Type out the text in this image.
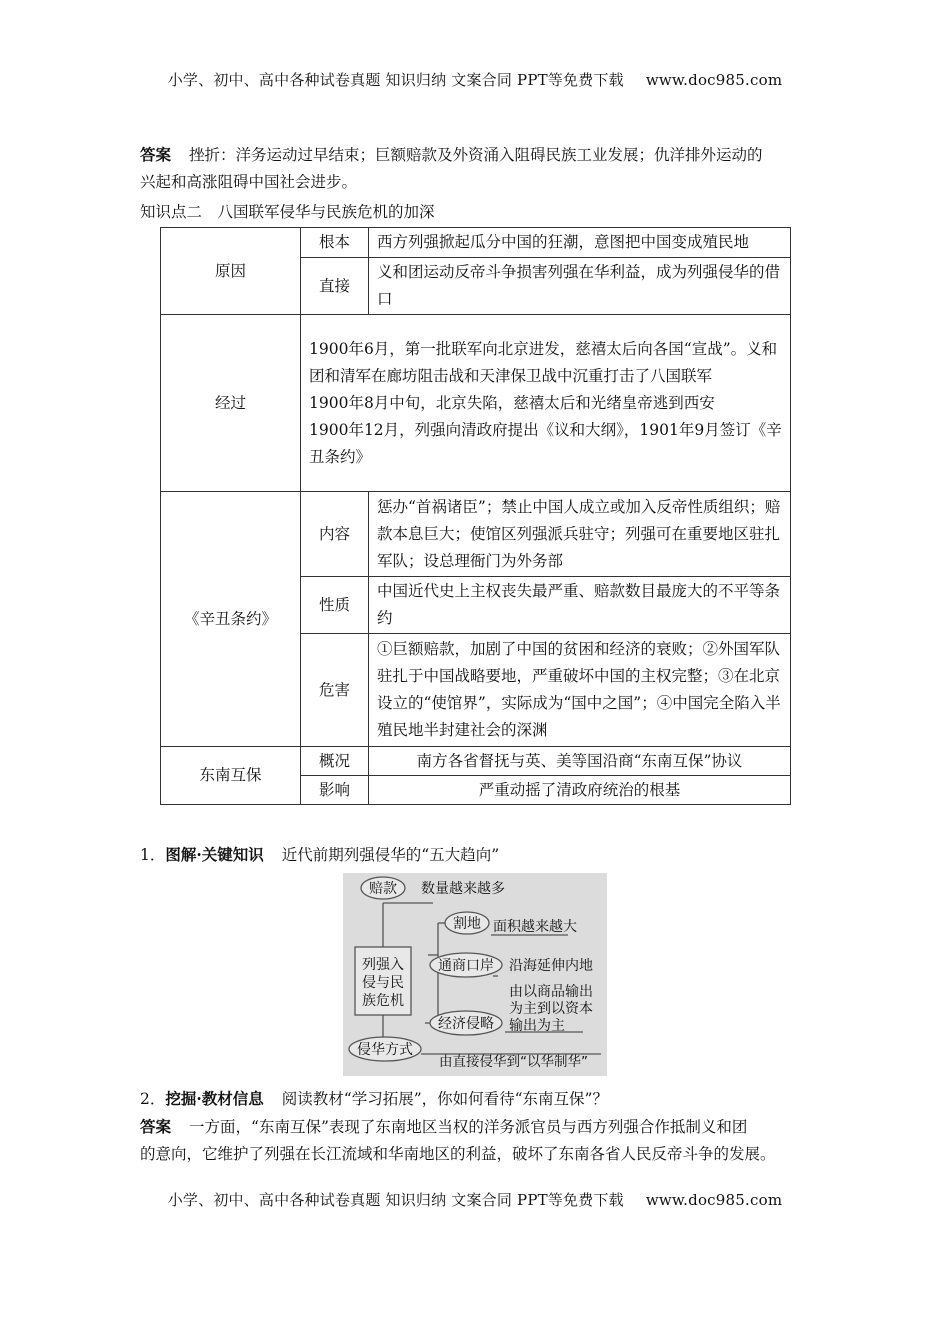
小学、初中、高中各种试卷真题 知识归纳 文案合同 PPT等免费下载 www.doc985.com
答案 挫折：洋务运动过早结束；巨额赔款及外资涌入阻碍民族工业发展；仇洋排外运动的
兴起和高涨阻碍中国社会进步。
知识点二　八国联军侵华与民族危机的加深
原因	根本	西方列强掀起瓜分中国的狂潮，意图把中国变成殖民地
	直接	义和团运动反帝斗争损害列强在华利益，成为列强侵华的借口
经过	1900年6月，第一批联军向北京进发，慈禧太后向各国“宣战”。义和团和清军在廊坊阻击战和天津保卫战中沉重打击了八国联军
1900年8月中旬，北京失陷，慈禧太后和光绪皇帝逃到西安
1900年12月，列强向清政府提出《议和大纲》，1901年9月签订《辛丑条约》	

《辛丑条约》	内容	惩办“首祸诸臣”；禁止中国人成立或加入反帝性质组织；赔款本息巨大；使馆区列强派兵驻守；列强可在重要地区驻扎军队；设总理衙门为外务部
	性质	中国近代史上主权丧失最严重、赔款数目最庞大的不平等条约
	危害	①巨额赔款，加剧了中国的贫困和经济的衰败；②外国军队驻扎于中国战略要地，严重破坏中国的主权完整；③在北京设立的“使馆界”，实际成为“国中之国”；④中国完全陷入半殖民地半封建社会的深渊
东南互保	概况	南方各省督抚与英、美等国沿商“东南互保”协议
	影响	严重动摇了清政府统治的根基
1．图解·关键知识 近代前期列强侵华的“五大趋向”
赔款 数量越来越多
割地 面积越来越大
通商口岸 沿海延伸内地
经济侵略
由以商品输出
为主到以资本
输出为主
侵华方式
由直接侵华到“以华制华”
列强入
侵与民
族危机
2．挖掘·教材信息 阅读教材“学习拓展”，你如何看待“东南互保”？
答案 一方面，“东南互保”表现了东南地区当权的洋务派官员与西方列强合作抵制义和团
的意向，它维护了列强在长江流域和华南地区的利益，破坏了东南各省人民反帝斗争的发展。
小学、初中、高中各种试卷真题 知识归纳 文案合同 PPT等免费下载 www.doc985.com
